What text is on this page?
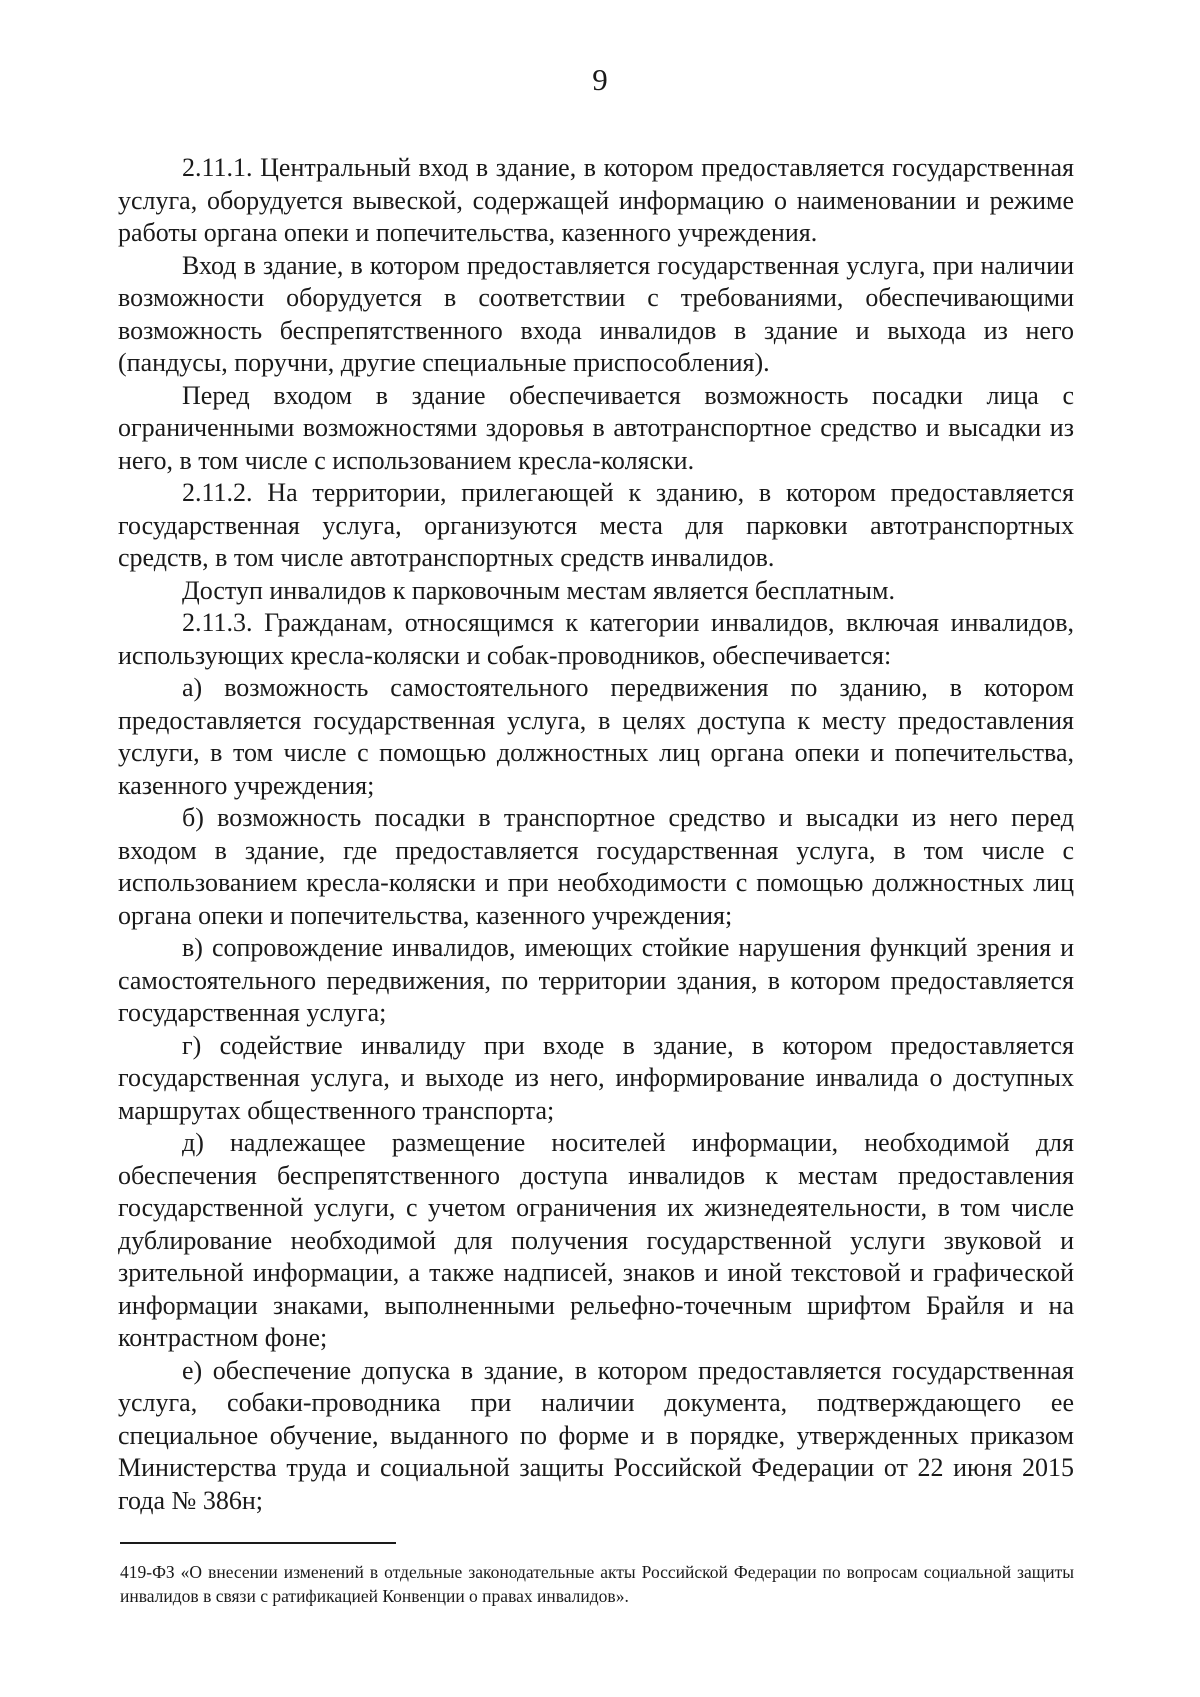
9

2.11.1. Центральный вход в здание, в котором предоставляется государственная услуга, оборудуется вывеской, содержащей информацию о наименовании и режиме работы органа опеки и попечительства, казенного учреждения.

Вход в здание, в котором предоставляется государственная услуга, при наличии возможности оборудуется в соответствии с требованиями, обеспечивающими возможность беспрепятственного входа инвалидов в здание и выхода из него (пандусы, поручни, другие специальные приспособления).

Перед входом в здание обеспечивается возможность посадки лица с ограниченными возможностями здоровья в автотранспортное средство и высадки из него, в том числе с использованием кресла-коляски.

2.11.2. На территории, прилегающей к зданию, в котором предоставляется государственная услуга, организуются места для парковки автотранспортных средств, в том числе автотранспортных средств инвалидов.

Доступ инвалидов к парковочным местам является бесплатным.

2.11.3. Гражданам, относящимся к категории инвалидов, включая инвалидов, использующих кресла-коляски и собак-проводников, обеспечивается:

а) возможность самостоятельного передвижения по зданию, в котором предоставляется государственная услуга, в целях доступа к месту предоставления услуги, в том числе с помощью должностных лиц органа опеки и попечительства, казенного учреждения;

б) возможность посадки в транспортное средство и высадки из него перед входом в здание, где предоставляется государственная услуга, в том числе с использованием кресла-коляски и при необходимости с помощью должностных лиц органа опеки и попечительства, казенного учреждения;

в) сопровождение инвалидов, имеющих стойкие нарушения функций зрения и самостоятельного передвижения, по территории здания, в котором предоставляется государственная услуга;

г) содействие инвалиду при входе в здание, в котором предоставляется государственная услуга, и выходе из него, информирование инвалида о доступных маршрутах общественного транспорта;

д) надлежащее размещение носителей информации, необходимой для обеспечения беспрепятственного доступа инвалидов к местам предоставления государственной услуги, с учетом ограничения их жизнедеятельности, в том числе дублирование необходимой для получения государственной услуги звуковой и зрительной информации, а также надписей, знаков и иной текстовой и графической информации знаками, выполненными рельефно-точечным шрифтом Брайля и на контрастном фоне;

е) обеспечение допуска в здание, в котором предоставляется государственная услуга, собаки-проводника при наличии документа, подтверждающего ее специальное обучение, выданного по форме и в порядке, утвержденных приказом Министерства труда и социальной защиты Российской Федерации от 22 июня 2015 года № 386н;

419-ФЗ «О внесении изменений в отдельные законодательные акты Российской Федерации по вопросам социальной защиты инвалидов в связи с ратификацией Конвенции о правах инвалидов».
